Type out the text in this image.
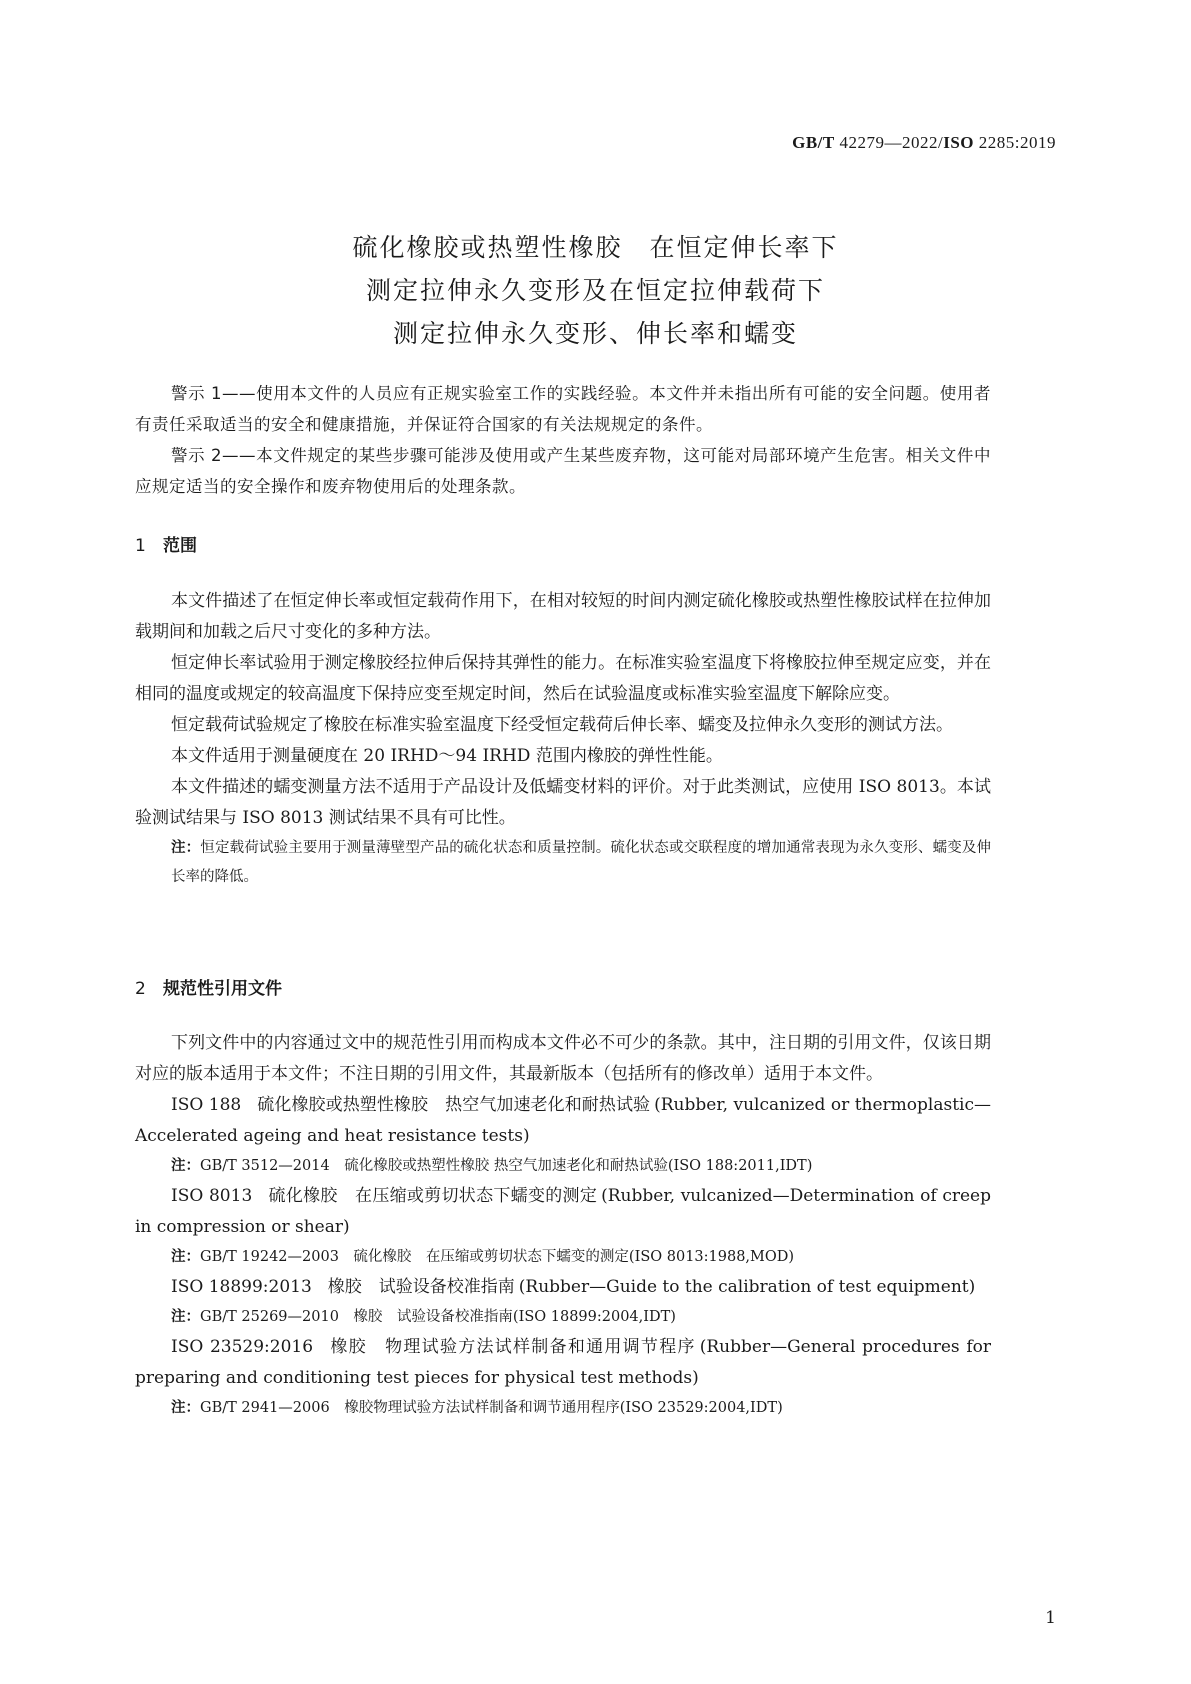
GB/T 42279—2022/ISO 2285:2019
硫化橡胶或热塑性橡胶　在恒定伸长率下
测定拉伸永久变形及在恒定拉伸载荷下
测定拉伸永久变形、伸长率和蠕变

警示 1——使用本文件的人员应有正规实验室工作的实践经验。本文件并未指出所有可能的安全问题。使用者有责任采取适当的安全和健康措施，并保证符合国家的有关法规规定的条件。

警示 2——本文件规定的某些步骤可能涉及使用或产生某些废弃物，这可能对局部环境产生危害。相关文件中应规定适当的安全操作和废弃物使用后的处理条款。

1 范围

本文件描述了在恒定伸长率或恒定载荷作用下，在相对较短的时间内测定硫化橡胶或热塑性橡胶试样在拉伸加载期间和加载之后尺寸变化的多种方法。

恒定伸长率试验用于测定橡胶经拉伸后保持其弹性的能力。在标准实验室温度下将橡胶拉伸至规定应变，并在相同的温度或规定的较高温度下保持应变至规定时间，然后在试验温度或标准实验室温度下解除应变。

恒定载荷试验规定了橡胶在标准实验室温度下经受恒定载荷后伸长率、蠕变及拉伸永久变形的测试方法。

本文件适用于测量硬度在 20 IRHD～94 IRHD 范围内橡胶的弹性性能。

本文件描述的蠕变测量方法不适用于产品设计及低蠕变材料的评价。对于此类测试，应使用 ISO 8013。本试验测试结果与 ISO 8013 测试结果不具有可比性。

注：恒定载荷试验主要用于测量薄壁型产品的硫化状态和质量控制。硫化状态或交联程度的增加通常表现为永久变形、蠕变及伸长率的降低。

2 规范性引用文件

下列文件中的内容通过文中的规范性引用而构成本文件必不可少的条款。其中，注日期的引用文件，仅该日期对应的版本适用于本文件；不注日期的引用文件，其最新版本（包括所有的修改单）适用于本文件。

ISO 188 硫化橡胶或热塑性橡胶　热空气加速老化和耐热试验 (Rubber, vulcanized or thermoplastic—Accelerated ageing and heat resistance tests)

注：GB/T 3512—2014　硫化橡胶或热塑性橡胶 热空气加速老化和耐热试验(ISO 188:2011,IDT)

ISO 8013 硫化橡胶　在压缩或剪切状态下蠕变的测定 (Rubber, vulcanized—Determination of creep in compression or shear)

注：GB/T 19242—2003　硫化橡胶　在压缩或剪切状态下蠕变的测定(ISO 8013:1988,MOD)

ISO 18899:2013 橡胶　试验设备校准指南 (Rubber—Guide to the calibration of test equipment)

注：GB/T 25269—2010　橡胶　试验设备校准指南(ISO 18899:2004,IDT)

ISO 23529:2016 橡胶　物理试验方法试样制备和通用调节程序 (Rubber—General procedures for preparing and conditioning test pieces for physical test methods)

注：GB/T 2941—2006　橡胶物理试验方法试样制备和调节通用程序(ISO 23529:2004,IDT)

1
